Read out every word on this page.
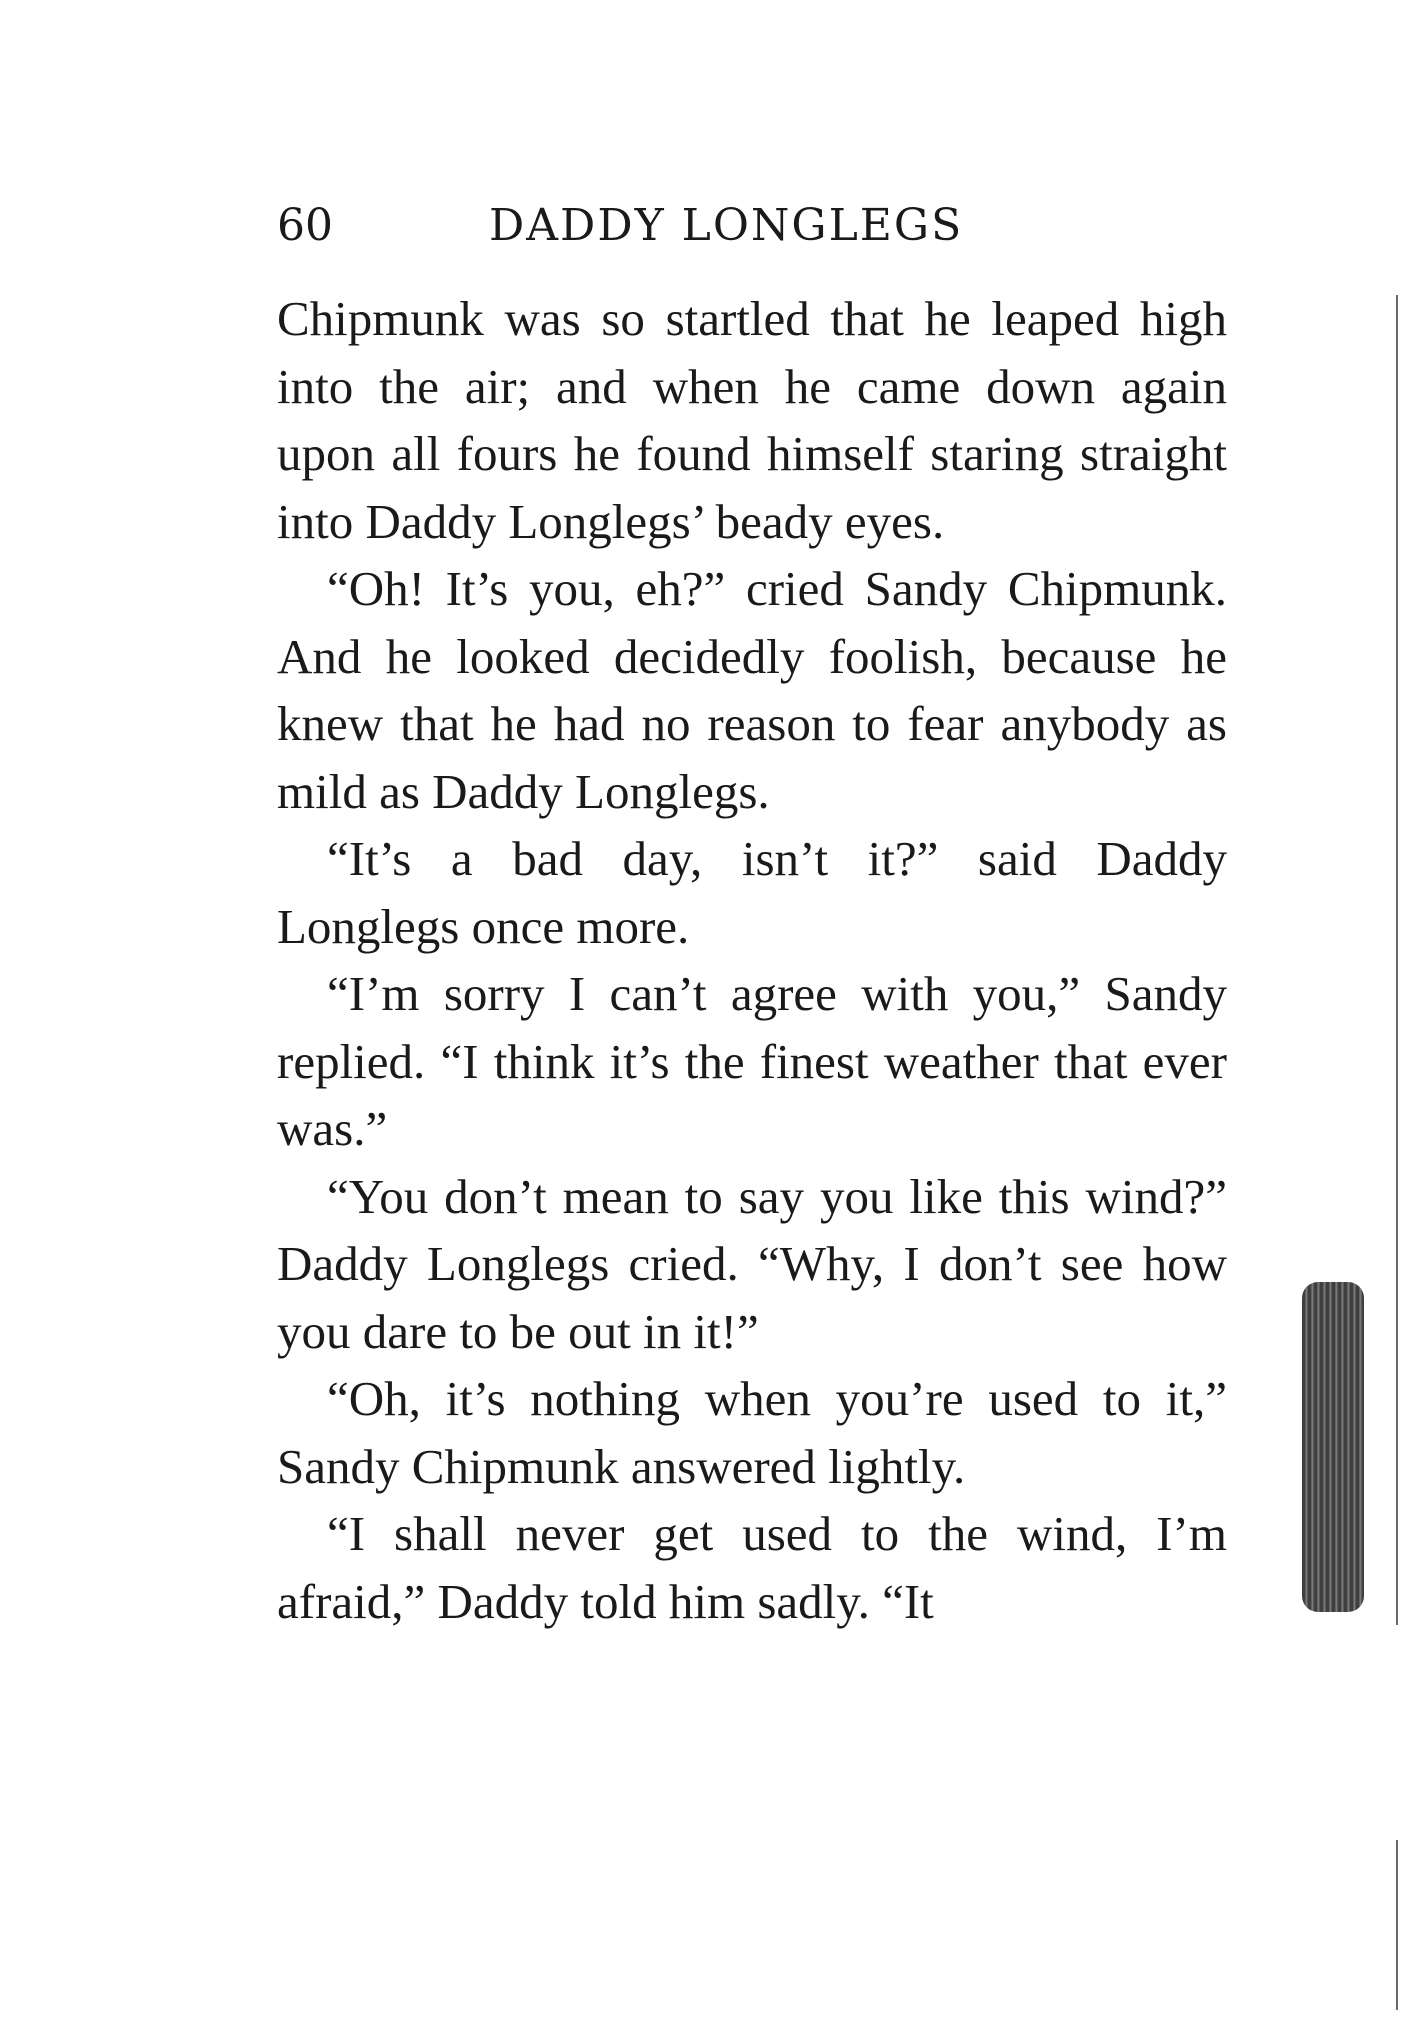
60	DADDY LONGLEGS

Chipmunk was so startled that he leaped high into the air; and when he came down again upon all fours he found himself staring straight into Daddy Longlegs’ beady eyes.

“Oh! It’s you, eh?” cried Sandy Chipmunk. And he looked decidedly foolish, because he knew that he had no reason to fear anybody as mild as Daddy Longlegs.

“It’s a bad day, isn’t it?” said Daddy Longlegs once more.

“I’m sorry I can’t agree with you,” Sandy replied. “I think it’s the finest weather that ever was.”

“You don’t mean to say you like this wind?” Daddy Longlegs cried. “Why, I don’t see how you dare to be out in it!”

“Oh, it’s nothing when you’re used to it,” Sandy Chipmunk answered lightly.

“I shall never get used to the wind, I’m afraid,” Daddy told him sadly. “It
